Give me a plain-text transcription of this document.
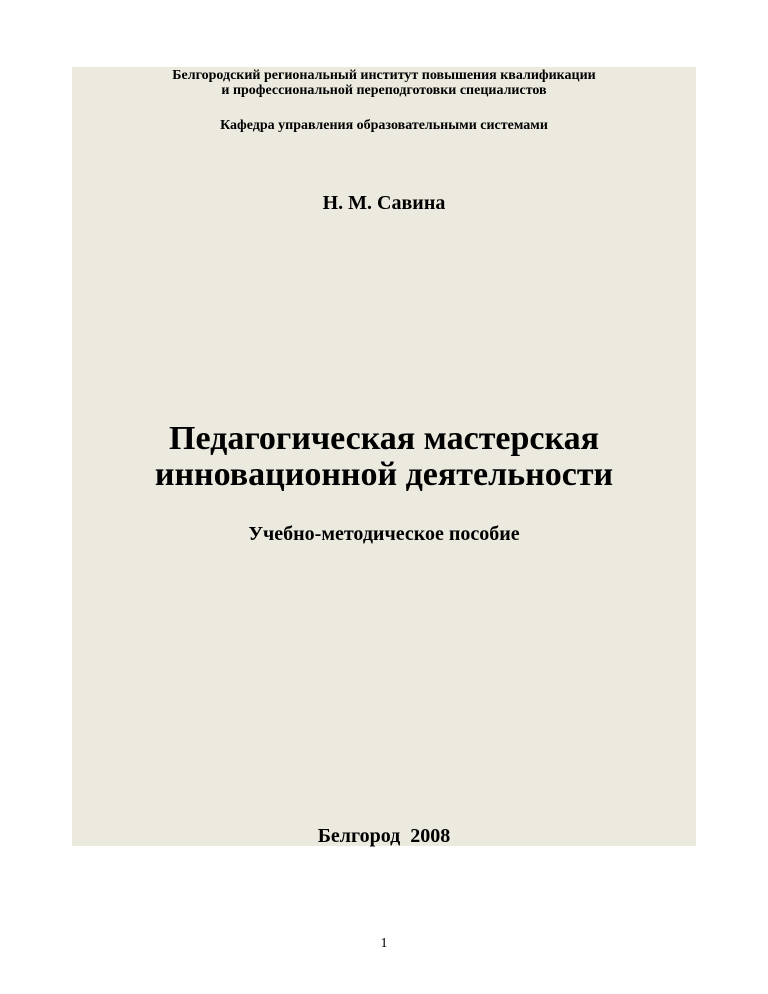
Белгородский региональный институт повышения квалификации
и профессиональной переподготовки специалистов
Кафедра управления образовательными системами
Н. М. Савина
Педагогическая мастерская
инновационной деятельности
Учебно-методическое пособие
Белгород  2008
1
